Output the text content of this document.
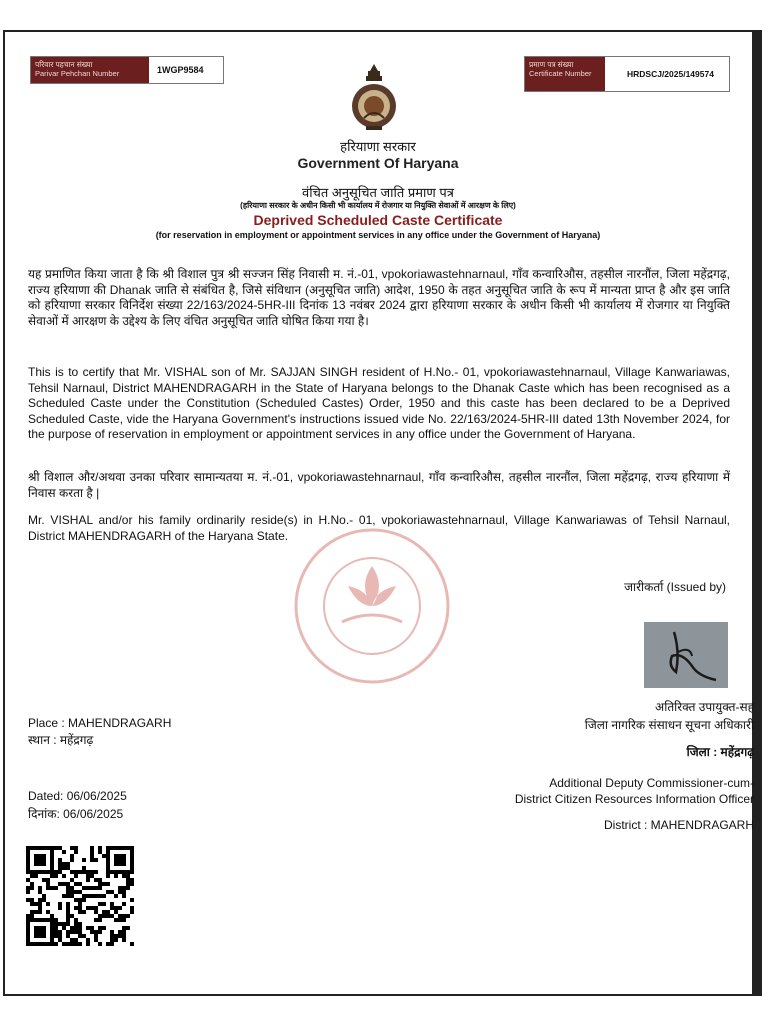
परिवार पहचान संख्या
Parivar Pehchan Number	1WGP9584
प्रमाण पत्र संख्या
Certificate Number	HRDSCJ/2025/149574
हरियाणा सरकार
Government Of Haryana
वंचित अनुसूचित जाति प्रमाण पत्र
(हरियाणा सरकार के अधीन किसी भी कार्यालय में रोजगार या नियुक्ति सेवाओं में आरक्षण के लिए)
Deprived Scheduled Caste Certificate
(for reservation in employment or appointment services in any office under the Government of Haryana)
यह प्रमाणित किया जाता है कि श्री विशाल पुत्र श्री सज्जन सिंह निवासी म. नं.-01, vpokoriawastehnarnaul, गाँव कन्वारिऔस, तहसील नारनौंल, जिला महेंद्रगढ़, राज्य हरियाणा की Dhanak जाति से संबंधित है, जिसे संविधान (अनुसूचित जाति) आदेश, 1950 के तहत अनुसूचित जाति के रूप में मान्यता प्राप्त है और इस जाति को हरियाणा सरकार विनिर्देश संख्या 22/163/2024-5HR-III दिनांक 13 नवंबर 2024 द्वारा हरियाणा सरकार के अधीन किसी भी कार्यालय में रोजगार या नियुक्ति सेवाओं में आरक्षण के उद्देश्य के लिए वंचित अनुसूचित जाति घोषित किया गया है।
This is to certify that Mr. VISHAL son of Mr. SAJJAN SINGH resident of H.No.- 01, vpokoriawastehnarnaul, Village Kanwariawas, Tehsil Narnaul, District MAHENDRAGARH in the State of Haryana belongs to the Dhanak Caste which has been recognised as a Scheduled Caste under the Constitution (Scheduled Castes) Order, 1950 and this caste has been declared to be a Deprived Scheduled Caste, vide the Haryana Government's instructions issued vide No. 22/163/2024-5HR-III dated 13th November 2024, for the purpose of reservation in employment or appointment services in any office under the Government of Haryana.
श्री विशाल और/अथवा उनका परिवार सामान्यतया म. नं.-01, vpokoriawastehnarnaul, गाँव कन्वारिऔस, तहसील नारनौंल, जिला महेंद्रगढ़, राज्य हरियाणा में निवास करता है |
Mr. VISHAL and/or his family ordinarily reside(s) in H.No.- 01, vpokoriawastehnarnaul, Village Kanwariawas of Tehsil Narnaul, District MAHENDRAGARH of the Haryana State.
जारीकर्ता (Issued by)
अतिरिक्त उपायुक्त-सह
जिला नागरिक संसाधन सूचना अधिकारी
जिला : महेंद्रगढ़
Additional Deputy Commissioner-cum-
District Citizen Resources Information Officer
District : MAHENDRAGARH
Place : MAHENDRAGARH
स्थान : महेंद्रगढ़
Dated: 06/06/2025
दिनांक: 06/06/2025
